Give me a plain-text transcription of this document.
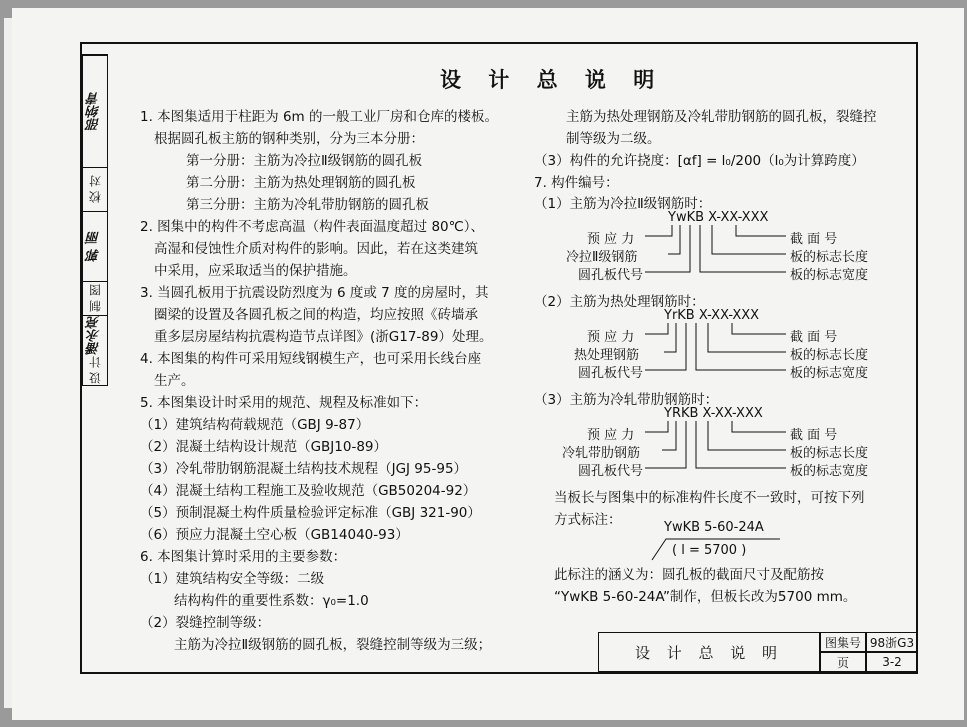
邵纳青
校 对
郭 丽
制 图
潘永亮
设 计
设 计 总 说 明
1. 本图集适用于柱距为 6m 的一般工业厂房和仓库的楼板。
根据圆孔板主筋的钢种类别，分为三本分册：
第一分册：主筋为冷拉Ⅱ级钢筋的圆孔板
第二分册：主筋为热处理钢筋的圆孔板
第三分册：主筋为冷轧带肋钢筋的圆孔板
2. 图集中的构件不考虑高温（构件表面温度超过 80℃）、
高湿和侵蚀性介质对构件的影响。因此，若在这类建筑
中采用，应采取适当的保护措施。
3. 当圆孔板用于抗震设防烈度为 6 度或 7 度的房屋时，其
圈梁的设置及各圆孔板之间的构造，均应按照《砖墙承
重多层房屋结构抗震构造节点详图》(浙G17-89）处理。
4. 本图集的构件可采用短线钢模生产，也可采用长线台座
生产。
5. 本图集设计时采用的规范、规程及标准如下：
（1）建筑结构荷载规范（GBJ 9-87）
（2）混凝土结构设计规范（GBJ10-89）
（3）冷轧带肋钢筋混凝土结构技术规程（JGJ 95-95）
（4）混凝土结构工程施工及验收规范（GB50204-92）
（5）预制混凝土构件质量检验评定标准（GBJ 321-90）
（6）预应力混凝土空心板（GB14040-93）
6. 本图集计算时采用的主要参数：
（1）建筑结构安全等级：二级
结构构件的重要性系数：γ₀=1.0
（2）裂缝控制等级：
主筋为冷拉Ⅱ级钢筋的圆孔板，裂缝控制等级为三级；
主筋为热处理钢筋及冷轧带肋钢筋的圆孔板，裂缝控
制等级为二级。
（3）构件的允许挠度：[αf] = l₀/200（l₀为计算跨度）
7. 构件编号：
（1）主筋为冷拉Ⅱ级钢筋时：
（2）主筋为热处理钢筋时：
（3）主筋为冷轧带肋钢筋时：
YwKB X-XX-XXX
预 应 力
冷拉Ⅱ级钢筋
圆孔板代号
截 面 号
板的标志长度
板的标志宽度
YrKB X-XX-XXX
预 应 力
热处理钢筋
圆孔板代号
截 面 号
板的标志长度
板的标志宽度
YRKB X-XX-XXX
预 应 力
冷轧带肋钢筋
圆孔板代号
截 面 号
板的标志长度
板的标志宽度
当板长与图集中的标准构件长度不一致时，可按下列
方式标注：	YwKB 5-60-24A
( l = 5700 )
此标注的涵义为：圆孔板的截面尺寸及配筋按
“YwKB 5-60-24A”制作，但板长改为5700 mm。
设 计 总 说 明
图集号 98浙G3
页	3-2
